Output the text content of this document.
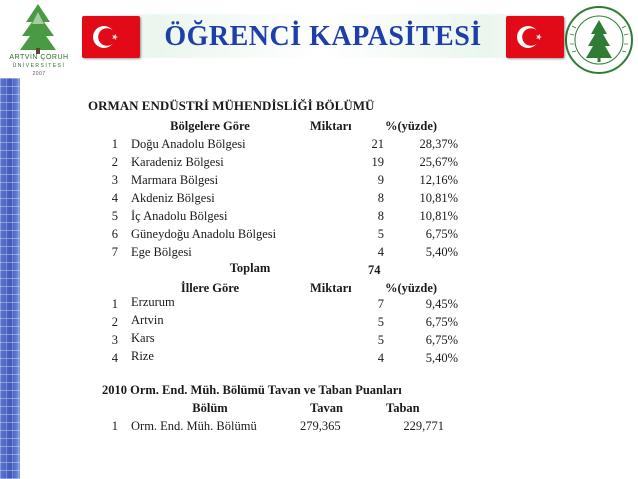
ARTVİN ÇORUH
ÜNİVERSİTESİ
2007
ÖĞRENCİ KAPASİTESİ
ORMAN ENDÜSTRİ MÜHENDİSLİĞİ BÖLÜMÜ
Bölgelere Göre	Miktarı	%(yüzde)
1 Doğu Anadolu Bölgesi	21	28,37%
2 Karadeniz Bölgesi	19	25,67%
3 Marmara Bölgesi	9	12,16%
4 Akdeniz Bölgesi	8	10,81%
5 İç Anadolu Bölgesi	8	10,81%
6 Güneydoğu Anadolu Bölgesi	5	6,75%
7 Ege Bölgesi	4	5,40%
Toplam	74
İllere Göre	Miktarı	%(yüzde)
1 Erzurum	7	9,45%
2 Artvin	5	6,75%
3 Kars	5	6,75%
4 Rize	4	5,40%
2010 Orm. End. Müh. Bölümü Tavan ve Taban Puanları
Bölüm	Tavan	Taban
1 Orm. End. Müh. Bölümü	279,365	229,771
